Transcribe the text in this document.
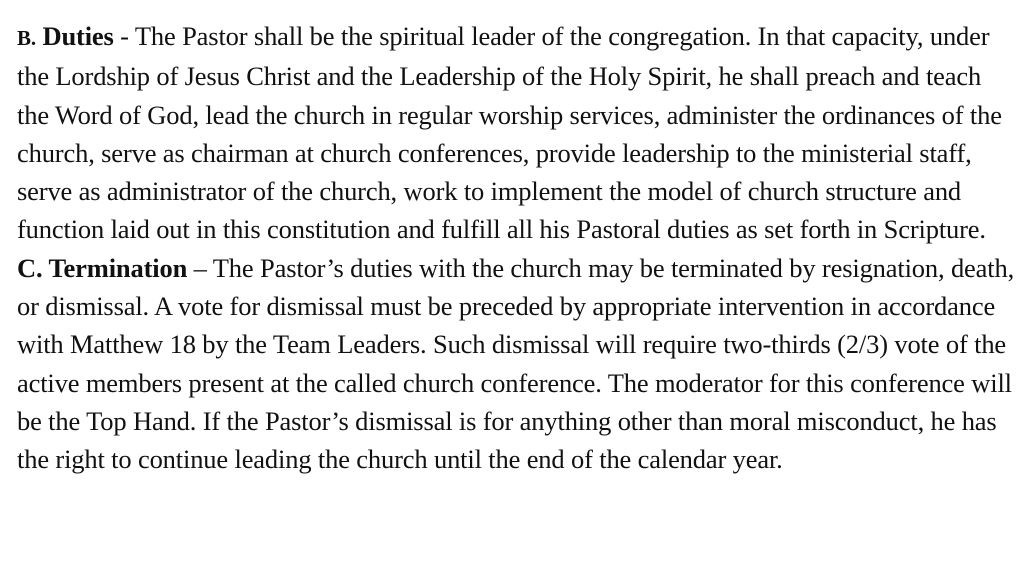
B. Duties - The Pastor shall be the spiritual leader of the congregation. In that capacity, under the Lordship of Jesus Christ and the Leadership of the Holy Spirit, he shall preach and teach the Word of God, lead the church in regular worship services, administer the ordinances of the church, serve as chairman at church conferences, provide leadership to the ministerial staff, serve as administrator of the church, work to implement the model of church structure and function laid out in this constitution and fulfill all his Pastoral duties as set forth in Scripture.

C. Termination – The Pastor’s duties with the church may be terminated by resignation, death, or dismissal. A vote for dismissal must be preceded by appropriate intervention in accordance with Matthew 18 by the Team Leaders. Such dismissal will require two-thirds (2/3) vote of the active members present at the called church conference. The moderator for this conference will be the Top Hand. If the Pastor’s dismissal is for anything other than moral misconduct, he has the right to continue leading the church until the end of the calendar year.
